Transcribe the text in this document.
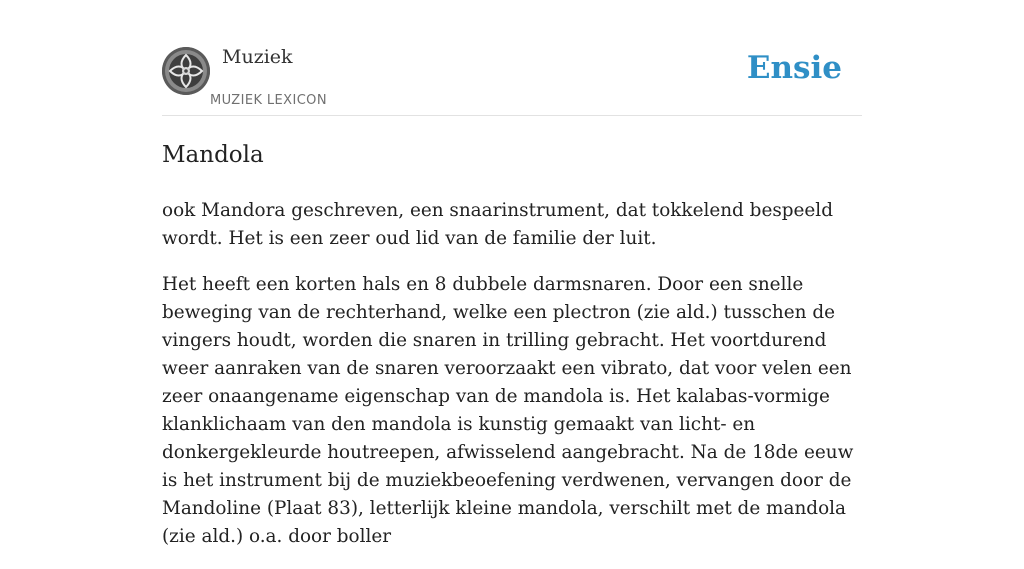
Muziek
MUZIEK LEXICON
Ensie
Mandola

ook Mandora geschreven, een snaarinstrument, dat tokkelend bespeeld wordt. Het is een zeer oud lid van de familie der luit.

Het heeft een korten hals en 8 dubbele darmsnaren. Door een snelle beweging van de rechterhand, welke een plectron (zie ald.) tusschen de vingers houdt, worden die snaren in trilling gebracht. Het voortdurend weer aanraken van de snaren veroorzaakt een vibrato, dat voor velen een zeer onaangename eigenschap van de mandola is. Het kalabas-vormige klanklichaam van den mandola is kunstig gemaakt van licht- en donkergekleurde houtreepen, afwisselend aangebracht. Na de 18de eeuw is het instrument bij de muziekbeoefening verdwenen, vervangen door de Mandoline (Plaat 83), letterlijk kleine mandola, verschilt met de mandola (zie ald.) o.a. door boller
